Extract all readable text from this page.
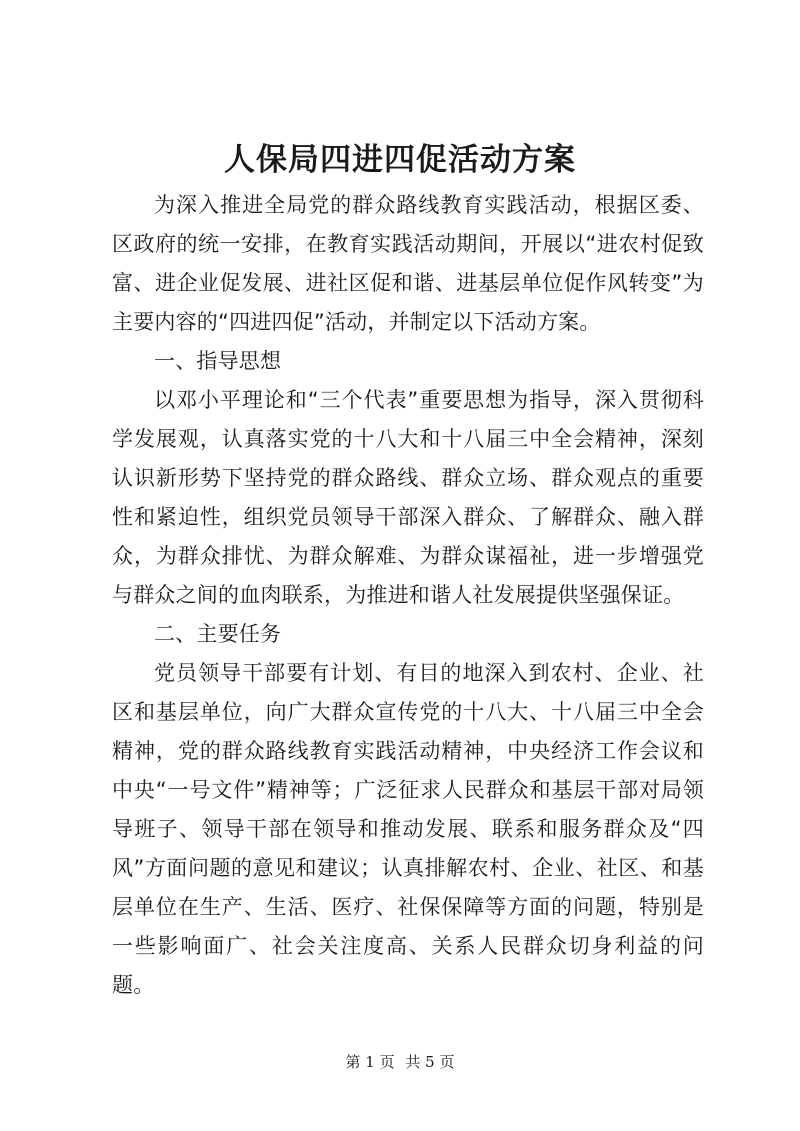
人保局四进四促活动方案

为深入推进全局党的群众路线教育实践活动，根据区委、区政府的统一安排，在教育实践活动期间，开展以“进农村促致富、进企业促发展、进社区促和谐、进基层单位促作风转变”为主要内容的“四进四促”活动，并制定以下活动方案。

一、指导思想

以邓小平理论和“三个代表”重要思想为指导，深入贯彻科学发展观，认真落实党的十八大和十八届三中全会精神，深刻认识新形势下坚持党的群众路线、群众立场、群众观点的重要性和紧迫性，组织党员领导干部深入群众、了解群众、融入群众，为群众排忧、为群众解难、为群众谋福祉，进一步增强党与群众之间的血肉联系，为推进和谐人社发展提供坚强保证。

二、主要任务

党员领导干部要有计划、有目的地深入到农村、企业、社区和基层单位，向广大群众宣传党的十八大、十八届三中全会精神，党的群众路线教育实践活动精神，中央经济工作会议和中央“一号文件”精神等；广泛征求人民群众和基层干部对局领导班子、领导干部在领导和推动发展、联系和服务群众及“四风”方面问题的意见和建议；认真排解农村、企业、社区、和基层单位在生产、生活、医疗、社保保障等方面的问题，特别是一些影响面广、社会关注度高、关系人民群众切身利益的问题。

第 1 页 共 5 页
